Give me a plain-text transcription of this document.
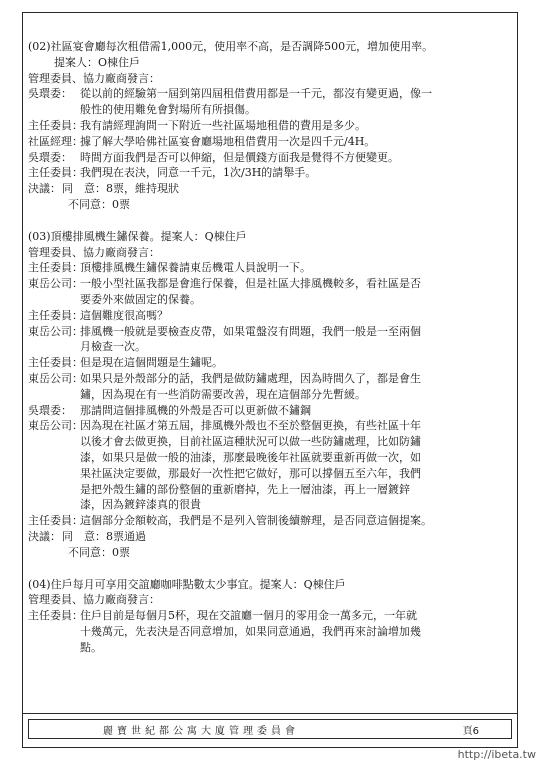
(02)社區宴會廳每次租借需1,000元，使用率不高，是否調降500元，增加使用率。
提案人：O棟住戶
管理委員、協力廠商發言：
吳環委： 從以前的經驗第一屆到第四屆租借費用都是一千元，都沒有變更過，像一
般性的使用難免會對場所有所損傷。
主任委員：
我有請經理詢問一下附近一些社區場地租借的費用是多少。
社區經理：
據了解大學哈佛社區宴會廳場地租借費用一次是四千元/4H。
吳環委： 時間方面我們是否可以伸縮，但是價錢方面我是覺得不方便變更。
主任委員：
我們現在表決，同意一千元，1次/3H的請舉手。
決議： 同　意： 8票，維持現狀
不同意： 0票
(03)頂樓排風機生鏽保養。提案人：Q棟住戶
管理委員、協力廠商發言：
主任委員：
頂樓排風機生鏽保養請東岳機電人員說明一下。
東岳公司：
一般小型社區我都是會進行保養，但是社區大排風機較多，看社區是否
要委外來做固定的保養。
主任委員：
這個難度很高嗎？
東岳公司：
排風機一般就是要檢查皮帶，如果電盤沒有問題，我們一般是一至兩個
月檢查一次。
主任委員：
但是現在這個問題是生鏽呢。
東岳公司：
如果只是外殼部分的話，我們是做防鏽處理，因為時間久了，都是會生
鏽，因為現在有一些消防需要改善，現在這個部分先暫緩。
吳環委： 那請問這個排風機的外殼是否可以更新做不鏽鋼
東岳公司：
因為現在社區才第五屆，排風機外殼也不至於整個更換，有些社區十年
以後才會去做更換，目前社區這種狀況可以做一些防鏽處理，比如防鏽
漆，如果只是做一般的油漆，那麼最晚後年社區就要重新再做一次，如
果社區決定要做，那最好一次性把它做好，那可以撐個五至六年，我們
是把外殼生鏽的部份整個的重新磨掉，先上一層油漆，再上一層鍍鋅
漆，因為鍍鋅漆真的很貴
主任委員：
這個部分金額較高，我們是不是列入管制後續辦理，是否同意這個提案。
決議： 同　意： 8票通過
不同意： 0票
(04)住戶每月可享用交誼廳咖啡點數太少事宜。提案人：Q棟住戶
管理委員、協力廠商發言：
主任委員：
住戶目前是每個月5杯，現在交誼廳一個月的零用金一萬多元，一年就
十幾萬元，先表決是否同意增加，如果同意通過，我們再來討論增加幾
點。
麗寶世紀都公寓大廈管理委員會	頁6
http://ibeta.tw
